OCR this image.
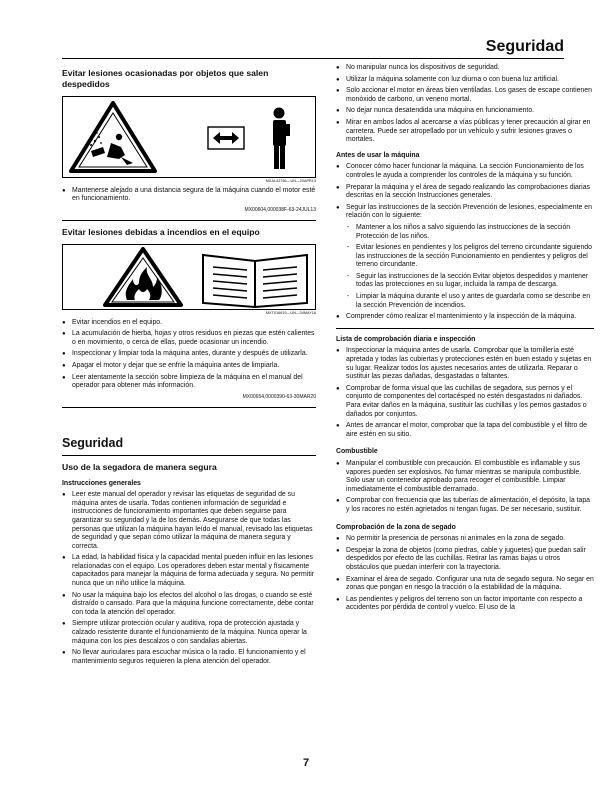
Seguridad
Evitar lesiones ocasionadas por objetos que salen despedidos
MXAL42766—UN—20APR13
● Mantenerse alejado a una distancia segura de la máquina cuando el motor esté en funcionamiento.
MX00604,000038F-63-24JUL13
Evitar lesiones debidas a incendios en el equipo
MXT016619—UN—04MAY16
● Evitar incendios en el equipo.
● La acumulación de hierba, hojas y otros residuos en piezas que estén calientes o en movimiento, o cerca de ellas, puede ocasionar un incendio.
● Inspeccionar y limpiar toda la máquina antes, durante y después de utilizarla.
● Apagar el motor y dejar que se enfríe la máquina antes de limpiarla.
● Leer atentamente la sección sobre limpieza de la máquina en el manual del operador para obtener más información.
MX00654,0000390-63-30MAR20
Seguridad
Uso de la segadora de manera segura
Instrucciones generales
● Leer este manual del operador y revisar las etiquetas de seguridad de su máquina antes de usarla. Todas contienen información de seguridad e instrucciones de funcionamiento importantes que deben seguirse para garantizar su seguridad y la de los demás. Asegurarse de que todas las personas que utilizan la máquina hayan leído el manual, revisado las etiquetas de seguridad y que sepan cómo utilizar la máquina de manera segura y correcta.
● La edad, la habilidad física y la capacidad mental pueden influir en las lesiones relacionadas con el equipo. Los operadores deben estar mental y físicamente capacitados para manejar la máquina de forma adecuada y segura. No permitir nunca que un niño utilice la máquina.
● No usar la máquina bajo los efectos del alcohol o las drogas, o cuando se esté distraído o cansado. Para que la máquina funcione correctamente, debe contar con toda la atención del operador.
● Siempre utilizar protección ocular y auditiva, ropa de protección ajustada y calzado resistente durante el funcionamiento de la máquina. Nunca operar la máquina con los pies descalzos o con sandalias abiertas.
● No llevar auriculares para escuchar música o la radio. El funcionamiento y el mantenimiento seguros requieren la plena atención del operador.
● No manipular nunca los dispositivos de seguridad.
● Utilizar la máquina solamente con luz diurna o con buena luz artificial.
● Solo accionar el motor en áreas bien ventiladas. Los gases de escape contienen monóxido de carbono, un veneno mortal.
● No dejar nunca desatendida una máquina en funcionamiento.
● Mirar en ambos lados al acercarse a vías públicas y tener precaución al girar en carretera. Puede ser atropellado por un vehículo y sufrir lesiones graves o mortales.
Antes de usar la máquina
● Conocer cómo hacer funcionar la máquina. La sección Funcionamiento de los controles le ayuda a comprender los controles de la máquina y su función.
● Preparar la máquina y el área de segado realizando las comprobaciones diarias descritas en la sección Instrucciones generales.
● Seguir las instrucciones de la sección Prevención de lesiones, especialmente en relación con lo siguiente:
- Mantener a los niños a salvo siguiendo las instrucciones de la sección Protección de los niños.
- Evitar lesiones en pendientes y los peligros del terreno circundante siguiendo las instrucciones de la sección Funcionamiento en pendientes y peligros del terreno circundante.
- Seguir las instrucciones de la sección Evitar objetos despedidos y mantener todas las protecciones en su lugar, incluida la rampa de descarga.
- Limpiar la máquina durante el uso y antes de guardarla como se describe en la sección Prevención de incendios.
● Comprender cómo realizar el mantenimiento y la inspección de la máquina.
Lista de comprobación diaria e inspección
● Inspeccionar la máquina antes de usarla. Comprobar que la tornillería esté apretada y todas las cubiertas y protecciones estén en buen estado y sujetas en su lugar. Realizar todos los ajustes necesarios antes de utilizarla. Reparar o sustituir las piezas dañadas, desgastadas o faltantes.
● Comprobar de forma visual que las cuchillas de segadora, sus pernos y el conjunto de componentes del cortacésped no estén desgastados ni dañados. Para evitar daños en la máquina, sustituir las cuchillas y los pernos gastados o dañados por conjuntos.
● Antes de arrancar el motor, comprobar que la tapa del combustible y el filtro de aire estén en su sitio.
Combustible
● Manipular el combustible con precaución. El combustible es inflamable y sus vapores pueden ser explosivos. No fumar mientras se manipula combustible. Solo usar un contenedor aprobado para recoger el combustible. Limpiar inmediatamente el combustible derramado.
● Comprobar con frecuencia que las tuberías de alimentación, el depósito, la tapa y los racores no estén agrietados ni tengan fugas. De ser necesario, sustituir.
Comprobación de la zona de segado
● No permitir la presencia de personas ni animales en la zona de segado.
● Despejar la zona de objetos (como piedras, cable y juguetes) que puedan salir despedidos por efecto de las cuchillas. Retirar las ramas bajas u otros obstáculos que puedan interferir con la trayectoria.
● Examinar el área de segado. Configurar una ruta de segado segura. No segar en zonas que pongan en riesgo la tracción o la estabilidad de la máquina.
● Las pendientes y peligros del terreno son un factor importante con respecto a accidentes por pérdida de control y vuelco. El uso de la
7
